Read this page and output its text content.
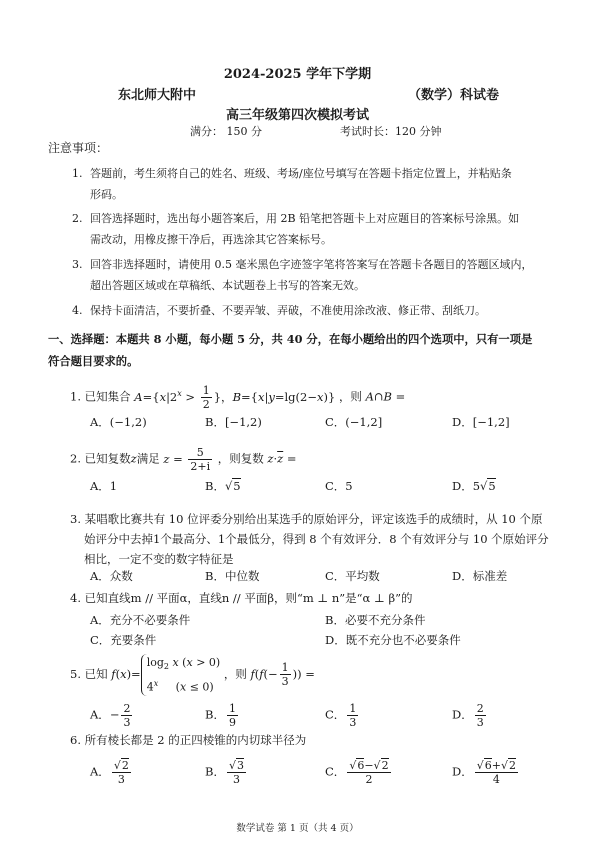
2024-2025 学年下学期
东北师大附中	（数学）科试卷
高三年级第四次模拟考试
满分： 150 分	考试时长：120 分钟
注意事项：
1. 答题前，考生须将自己的姓名、班级、考场/座位号填写在答题卡指定位置上，并粘贴条
形码。
2. 回答选择题时，选出每小题答案后，用 2B 铅笔把答题卡上对应题目的答案标号涂黑。如
需改动，用橡皮擦干净后，再选涂其它答案标号。
3. 回答非选择题时，请使用 0.5 毫米黑色字迹签字笔将答案写在答题卡各题目的答题区域内，
超出答题区域或在草稿纸、本试题卷上书写的答案无效。
4. 保持卡面清洁，不要折叠、不要弄皱、弄破，不准使用涂改液、修正带、刮纸刀。
一、选择题：本题共 8 小题，每小题 5 分，共 40 分，在每小题给出的四个选项中，只有一项是
符合题目要求的。
1. 已知集合 $A=\{x|2^x > \frac{1}{2}$ }，B={x|y=lg(2−x)} ，则 A∩B =
A．(−1,2)	B．[−1,2)	C．(−1,2]	D．[−1,2]
2. 已知复数z满足 $z = \frac{5}{2+i}$ ，则复数 $z\cdot\overline{z}$ =
A．1	B．√5	C．5	D．5√5
3. 某唱歌比赛共有 10 位评委分别给出某选手的原始评分，评定该选手的成绩时，从 10 个原
始评分中去掉1个最高分、1个最低分，得到 8 个有效评分．8 个有效评分与 10 个原始评分
相比，一定不变的数字特征是
A．众数	B．中位数	C．平均数	D．标准差
4. 已知直线m // 平面α，直线n // 平面β，则“m ⊥ n”是“α ⊥ β”的
A．充分不必要条件	B．必要不充分条件
C．充要条件	D．既不充分也不必要条件
5. 已知 $f(x)=\log_2$ x (x > 0)
4$^x$     (x ≤ 0) ，则 $f(f(- \frac{1}{3}$ )) =
A．− $\frac{2}{3}$	B． $\frac{1}{9}$	C． $\frac{1}{3}$	D． $\frac{2}{3}$
6. 所有棱长都是 2 的正四棱锥的内切球半径为
A． $\frac{√2}{3}$	B． $\frac{√3}{3}$	C． $\frac{√6-√2}{2}$	D． $\frac{√6+√2}{4}$
数学试卷 第 1 页（共 4 页）
